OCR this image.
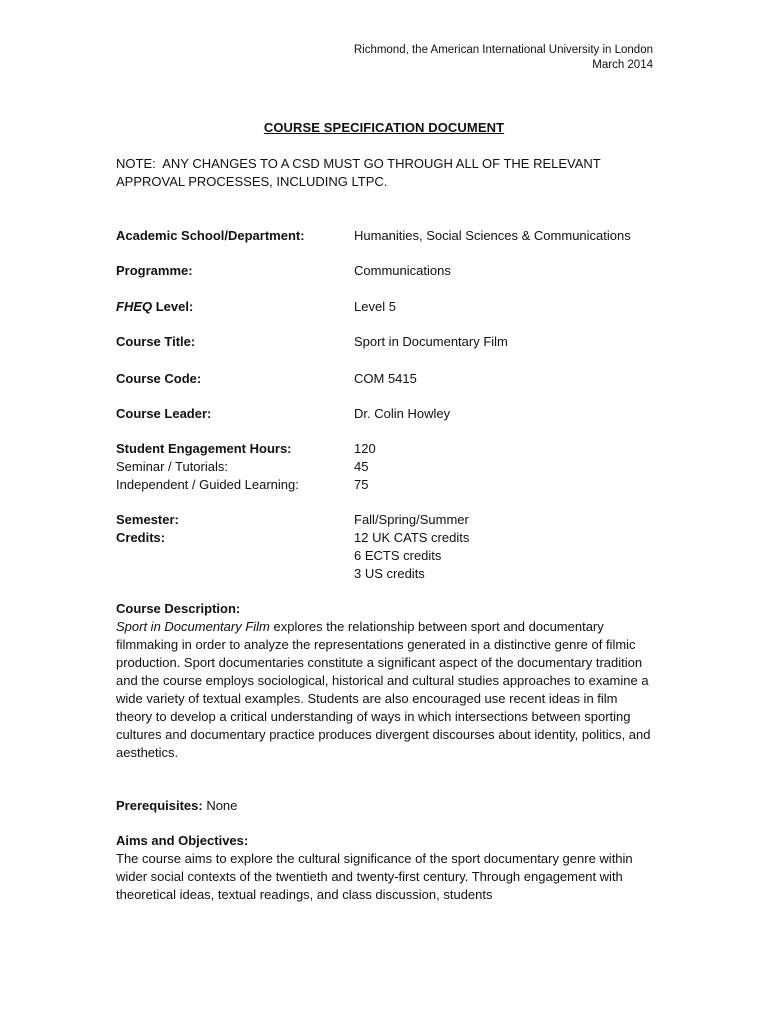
Richmond, the American International University in London
March 2014
COURSE SPECIFICATION DOCUMENT
NOTE: ANY CHANGES TO A CSD MUST GO THROUGH ALL OF THE RELEVANT APPROVAL PROCESSES, INCLUDING LTPC.
Academic School/Department:	Humanities, Social Sciences & Communications
Programme:	Communications
FHEQ Level:	Level 5
Course Title:	Sport in Documentary Film
Course Code:	COM 5415
Course Leader:	Dr. Colin Howley
Student Engagement Hours:	120
Seminar / Tutorials:	45
Independent / Guided Learning:	75
Semester:	Fall/Spring/Summer
Credits:	12 UK CATS credits
6 ECTS credits
3 US credits
Course Description:

Sport in Documentary Film explores the relationship between sport and documentary filmmaking in order to analyze the representations generated in a distinctive genre of filmic production. Sport documentaries constitute a significant aspect of the documentary tradition and the course employs sociological, historical and cultural studies approaches to examine a wide variety of textual examples. Students are also encouraged use recent ideas in film theory to develop a critical understanding of ways in which intersections between sporting cultures and documentary practice produces divergent discourses about identity, politics, and aesthetics.

Prerequisites: None
Aims and Objectives:

The course aims to explore the cultural significance of the sport documentary genre within wider social contexts of the twentieth and twenty-first century. Through engagement with theoretical ideas, textual readings, and class discussion, students
